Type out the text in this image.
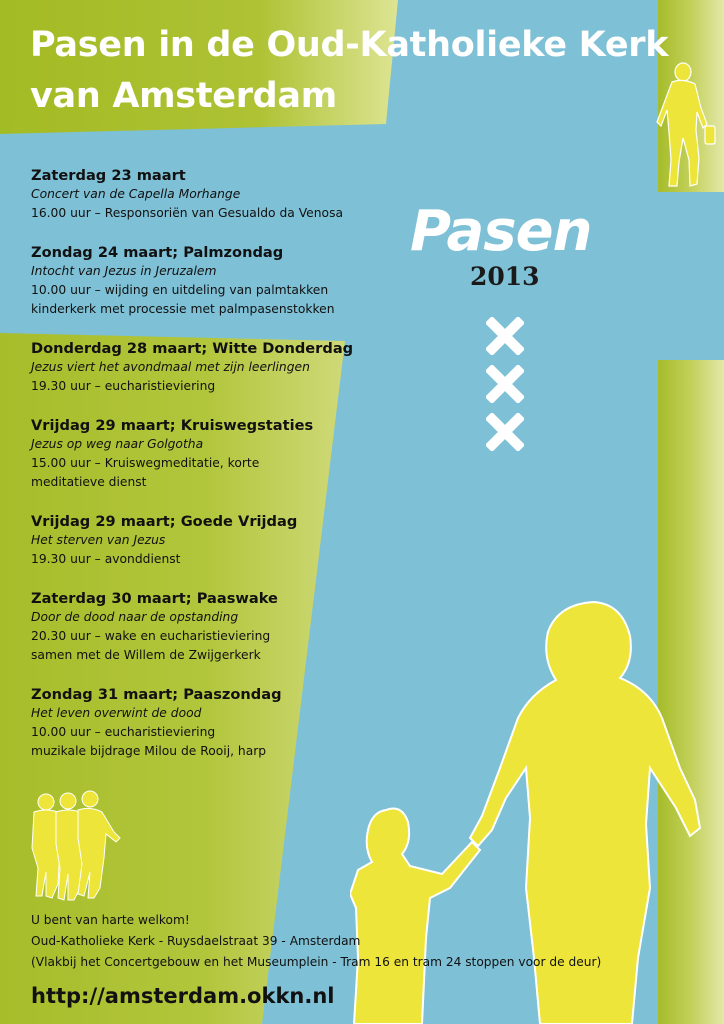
Pasen in de Oud-Katholieke Kerk
van Amsterdam
Zaterdag 23 maart
Concert van de Capella Morhange
16.00 uur – Responsoriën van Gesualdo da Venosa
Zondag 24 maart; Palmzondag
Intocht van Jezus in Jeruzalem
10.00 uur – wijding en uitdeling van palmtakken
kinderkerk met processie met palmpasenstokken
Donderdag 28 maart; Witte Donderdag
Jezus viert het avondmaal met zijn leerlingen
19.30 uur – eucharistieviering
Vrijdag 29 maart; Kruiswegstaties
Jezus op weg naar Golgotha
15.00 uur – Kruiswegmeditatie, korte
meditatieve dienst
Vrijdag 29 maart; Goede Vrijdag
Het sterven van Jezus
19.30 uur – avonddienst
Zaterdag 30 maart; Paaswake
Door de dood naar de opstanding
20.30 uur – wake en eucharistieviering
samen met de Willem de Zwijgerkerk
Zondag 31 maart; Paaszondag
Het leven overwint de dood
10.00 uur – eucharistieviering
muzikale bijdrage Milou de Rooij, harp
Pasen
2013
U bent van harte welkom!
Oud-Katholieke Kerk - Ruysdaelstraat 39 - Amsterdam
(Vlakbij het Concertgebouw en het Museumplein - Tram 16 en tram 24 stoppen voor de deur)
http://amsterdam.okkn.nl
